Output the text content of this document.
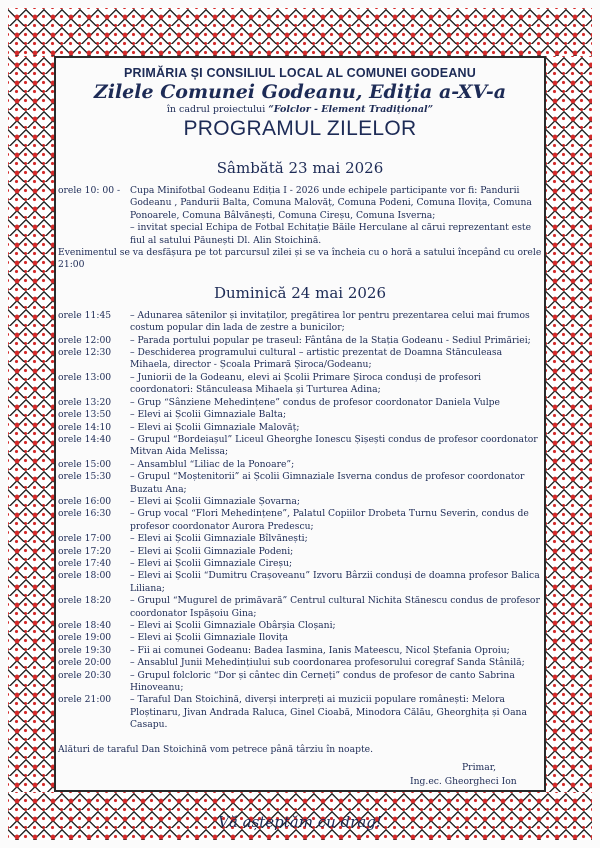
PRIMĂRIA ȘI CONSILIUL LOCAL AL COMUNEI GODEANU
Zilele Comunei Godeanu, Ediția a-XV-a
în cadrul proiectului “Folclor - Element Tradițional”
PROGRAMUL ZILELOR
Sâmbătă 23 mai 2026
orele 10: 00 -	Cupa Minifotbal Godeanu Ediția I - 2026 unde echipele participante vor fi: Pandurii Godeanu , Pandurii Balta, Comuna Malovăț, Comuna Podeni, Comuna Ilovița, Comuna Ponoarele, Comuna Bâlvănești, Comuna Cireșu, Comuna Isverna;
– invitat special Echipa de Fotbal Echitație Băile Herculane al cărui reprezentant este fiul al satului Păunești Dl. Alin Stoichină.
Evenimentul se va desfășura pe tot parcursul zilei și se va încheia cu o horă a satului începând cu orele 21:00
Duminică 24 mai 2026
orele 11:45	– Adunarea sătenilor și invitaților, pregătirea lor pentru prezentarea celui mai frumos costum popular din lada de zestre a bunicilor;
orele 12:00	– Parada portului popular pe traseul: Fântâna de la Stația Godeanu - Sediul Primăriei;
orele 12:30	– Deschiderea programului cultural – artistic prezentat de Doamna Stănculeasa Mihaela, director - Școala Primară Șiroca/Godeanu;
orele 13:00	– Juniorii de la Godeanu, elevi ai Școlii Primare Șiroca conduși de profesori coordonatori: Stănculeasa Mihaela și Turturea Adina;
orele 13:20	– Grup “Sânziene Mehedințene” condus de profesor coordonator Daniela Vulpe
orele 13:50	– Elevi ai Școlii Gimnaziale Balta;
orele 14:10	– Elevi ai Școlii Gimnaziale Malovăț;
orele 14:40	– Grupul “Bordeiașul” Liceul Gheorghe Ionescu Șișești condus de profesor coordonator Mitvan Aida Melissa;
orele 15:00	– Ansamblul “Liliac de la Ponoare”;
orele 15:30	– Grupul “Moștenitorii” ai Școlii Gimnaziale Isverna condus de profesor coordonator Buzatu Ana;
orele 16:00	– Elevi ai Școlii Gimnaziale Șovarna;
orele 16:30	– Grup vocal “Flori Mehedințene”, Palatul Copiilor Drobeta Turnu Severin, condus de profesor coordonator Aurora Predescu;
orele 17:00	– Elevi ai Școlii Gimnaziale Bîlvănești;
orele 17:20	– Elevi ai Școlii Gimnaziale Podeni;
orele 17:40	– Elevi ai Școlii Gimnaziale Cireșu;
orele 18:00	– Elevi ai Școlii “Dumitru Crașoveanu” Izvoru Bârzii conduși de doamna profesor Balica Liliana;
orele 18:20	– Grupul “Mugurel de primăvară” Centrul cultural Nichita Stănescu condus de profesor coordonator Ispășoiu Gina;
orele 18:40	– Elevi ai Școlii Gimnaziale Obârșia Cloșani;
orele 19:00	– Elevi ai Școlii Gimnaziale Ilovița
orele 19:30	– Fii ai comunei Godeanu: Badea Iasmina, Ianis Mateescu, Nicol Ștefania Oproiu;
orele 20:00	– Ansablul Junii Mehedințiului sub coordonarea profesorului coregraf Sanda Stânilă;
orele 20:30	– Grupul folcloric “Dor și cântec din Cerneți” condus de profesor de canto Sabrina Hinoveanu;
orele 21:00	– Taraful Dan Stoichină, diverși interpreți ai muzicii populare românești: Melora Ploștinaru, Jivan Andrada Raluca, Ginel Cioabă, Minodora Călău, Gheorghița și Oana Casapu.
Alături de taraful Dan Stoichină vom petrece până târziu în noapte.
Primar,
Ing.ec. Gheorgheci Ion
Vă așteptăm cu drag!
